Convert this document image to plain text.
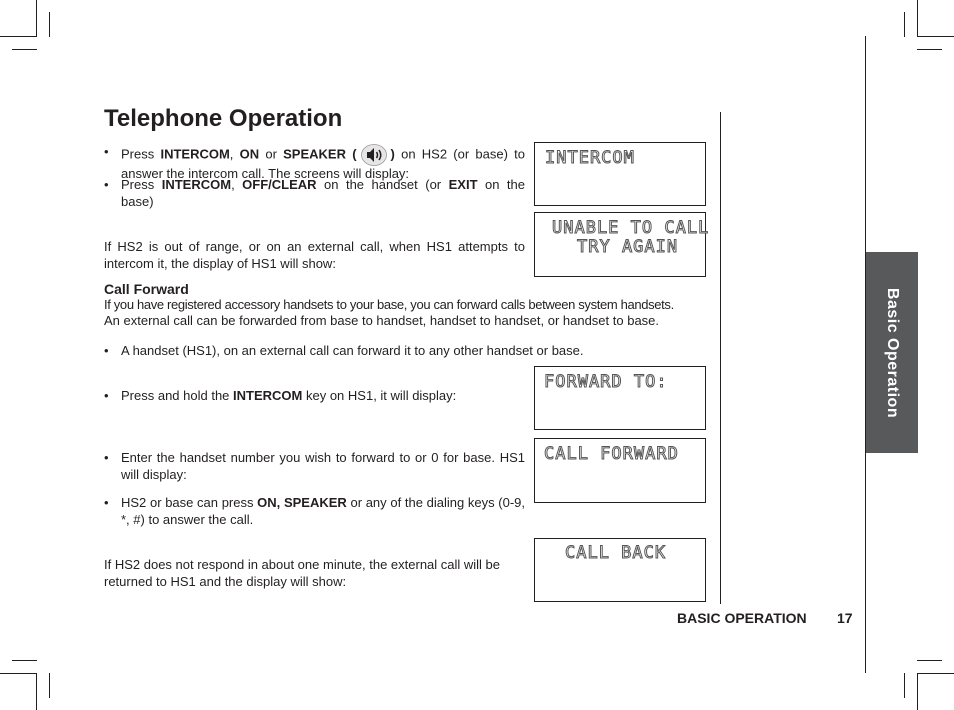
Telephone Operation
• Press INTERCOM, ON or SPEAKER (	) on HS2 (or base) to answer the intercom call. The screens will display:
• Press INTERCOM, OFF/CLEAR on the handset (or EXIT on the base)
If HS2 is out of range, or on an external call, when HS1 attempts to intercom it, the display of HS1 will show:
Call Forward
If you have registered accessory handsets to your base, you can forward calls between system handsets.
An external call can be forwarded from base to handset, handset to handset, or handset to base.
• A handset (HS1), on an external call can forward it to any other handset or base.
• Press and hold the INTERCOM key on HS1, it will display:
• Enter the handset number you wish to forward to or 0 for base. HS1 will display:
• HS2 or base can press ON, SPEAKER or any of the dialing keys (0-9, *, #) to answer the call.
If HS2 does not respond in about one minute, the external call will be returned to HS1 and the display will show:
INTERCOM
UNABLE TO CALL
TRY AGAIN
FORWARD TO:
CALL FORWARD
CALL BACK
Basic Operation
BASIC OPERATION 17
